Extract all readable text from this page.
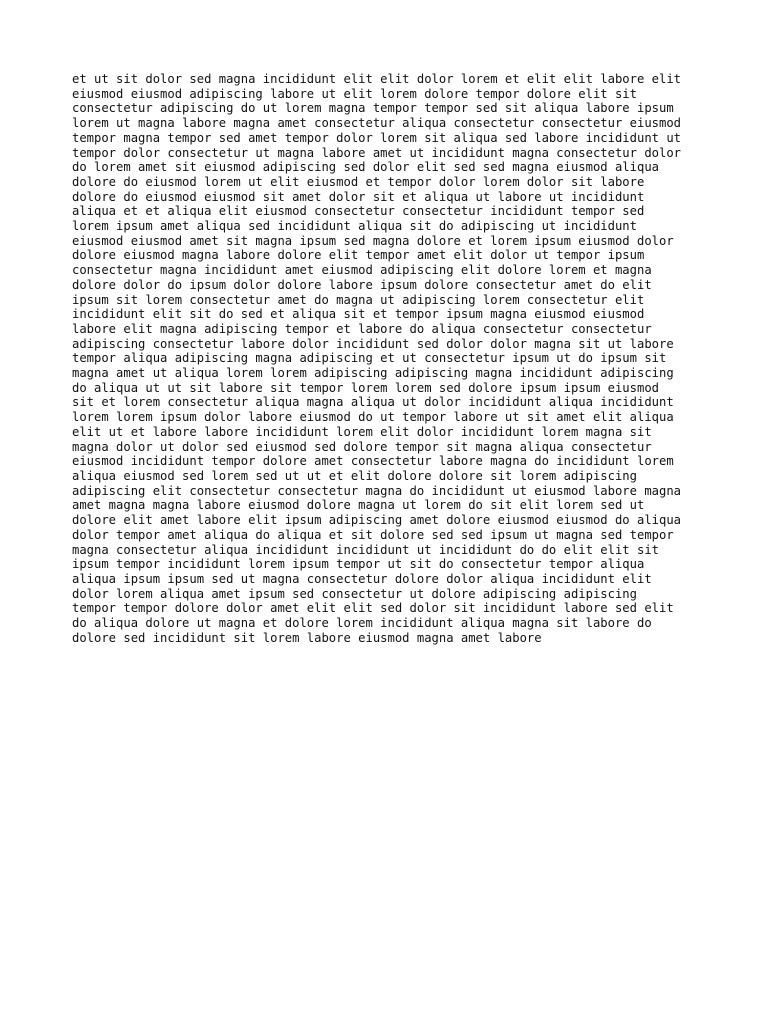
et ut sit dolor sed magna incididunt elit elit dolor lorem et elit elit labore elit
eiusmod eiusmod adipiscing labore ut elit lorem dolore tempor dolore elit sit
consectetur adipiscing do ut lorem magna tempor tempor sed sit aliqua labore ipsum
lorem ut magna labore magna amet consectetur aliqua consectetur consectetur eiusmod
tempor magna tempor sed amet tempor dolor lorem sit aliqua sed labore incididunt ut
tempor dolor consectetur ut magna labore amet ut incididunt magna consectetur dolor
do lorem amet sit eiusmod adipiscing sed dolor elit sed sed magna eiusmod aliqua
dolore do eiusmod lorem ut elit eiusmod et tempor dolor lorem dolor sit labore
dolore do eiusmod eiusmod sit amet dolor sit et aliqua ut labore ut incididunt
aliqua et et aliqua elit eiusmod consectetur consectetur incididunt tempor sed
lorem ipsum amet aliqua sed incididunt aliqua sit do adipiscing ut incididunt
eiusmod eiusmod amet sit magna ipsum sed magna dolore et lorem ipsum eiusmod dolor
dolore eiusmod magna labore dolore elit tempor amet elit dolor ut tempor ipsum
consectetur magna incididunt amet eiusmod adipiscing elit dolore lorem et magna
dolore dolor do ipsum dolor dolore labore ipsum dolore consectetur amet do elit
ipsum sit lorem consectetur amet do magna ut adipiscing lorem consectetur elit
incididunt elit sit do sed et aliqua sit et tempor ipsum magna eiusmod eiusmod
labore elit magna adipiscing tempor et labore do aliqua consectetur consectetur
adipiscing consectetur labore dolor incididunt sed dolor dolor magna sit ut labore
tempor aliqua adipiscing magna adipiscing et ut consectetur ipsum ut do ipsum sit
magna amet ut aliqua lorem lorem adipiscing adipiscing magna incididunt adipiscing
do aliqua ut ut sit labore sit tempor lorem lorem sed dolore ipsum ipsum eiusmod
sit et lorem consectetur aliqua magna aliqua ut dolor incididunt aliqua incididunt
lorem lorem ipsum dolor labore eiusmod do ut tempor labore ut sit amet elit aliqua
elit ut et labore labore incididunt lorem elit dolor incididunt lorem magna sit
magna dolor ut dolor sed eiusmod sed dolore tempor sit magna aliqua consectetur
eiusmod incididunt tempor dolore amet consectetur labore magna do incididunt lorem
aliqua eiusmod sed lorem sed ut ut et elit dolore dolore sit lorem adipiscing
adipiscing elit consectetur consectetur magna do incididunt ut eiusmod labore magna
amet magna magna labore eiusmod dolore magna ut lorem do sit elit lorem sed ut
dolore elit amet labore elit ipsum adipiscing amet dolore eiusmod eiusmod do aliqua
dolor tempor amet aliqua do aliqua et sit dolore sed sed ipsum ut magna sed tempor
magna consectetur aliqua incididunt incididunt ut incididunt do do elit elit sit
ipsum tempor incididunt lorem ipsum tempor ut sit do consectetur tempor aliqua
aliqua ipsum ipsum sed ut magna consectetur dolore dolor aliqua incididunt elit
dolor lorem aliqua amet ipsum sed consectetur ut dolore adipiscing adipiscing
tempor tempor dolore dolor amet elit elit sed dolor sit incididunt labore sed elit
do aliqua dolore ut magna et dolore lorem incididunt aliqua magna sit labore do
dolore sed incididunt sit lorem labore eiusmod magna amet labore
